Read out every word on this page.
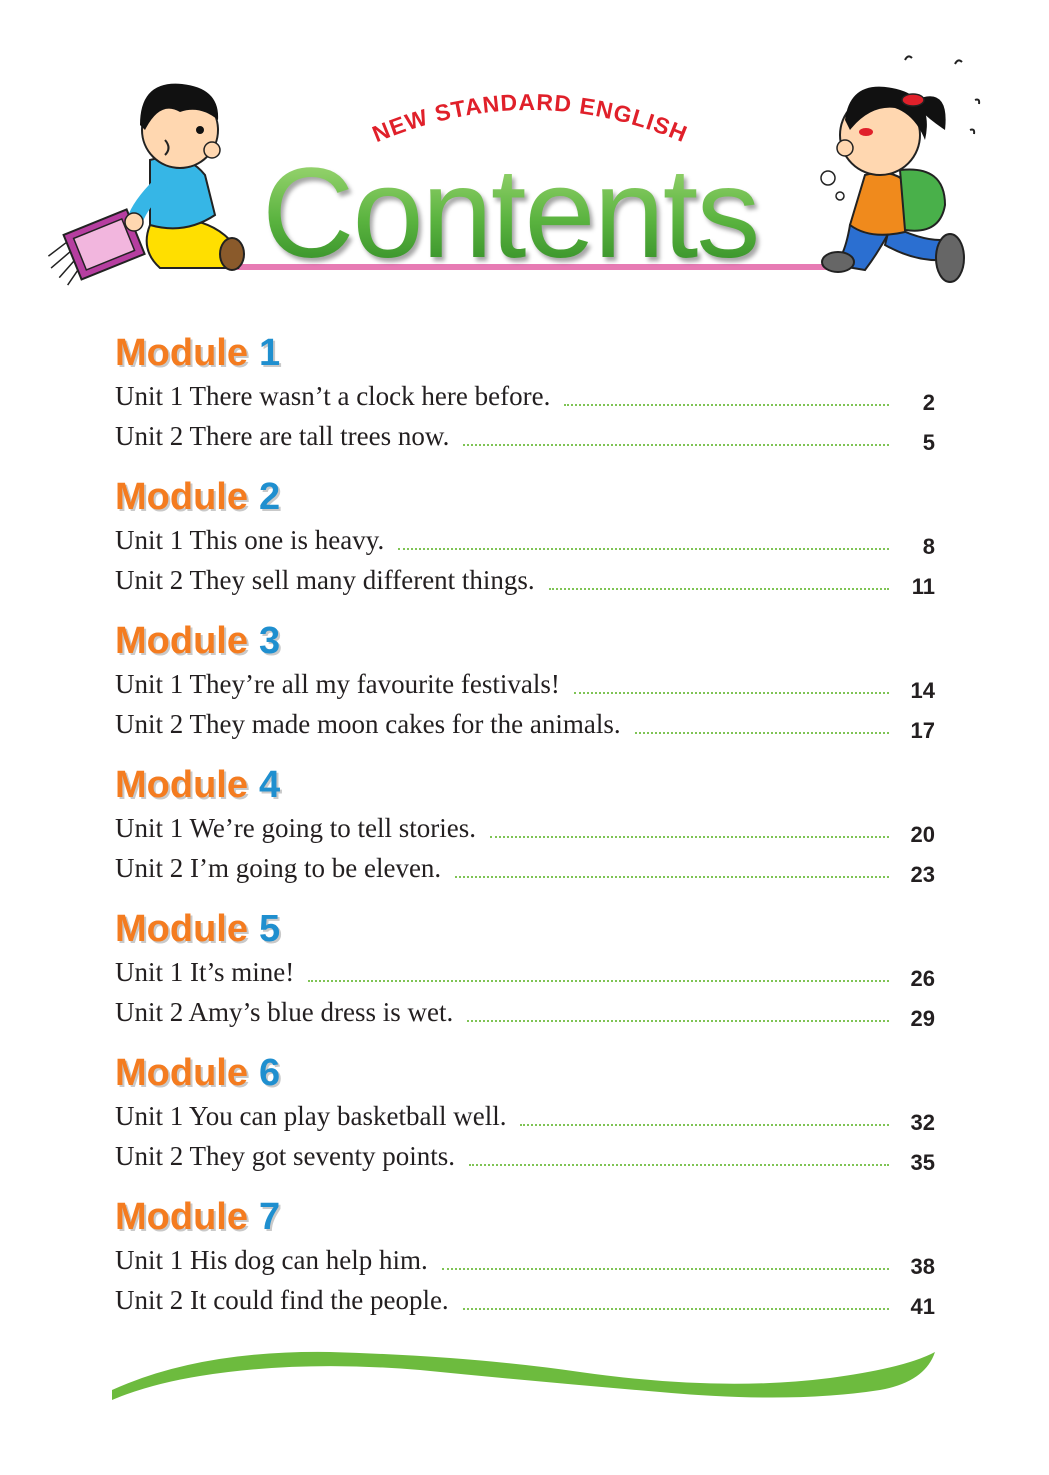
NEW STANDARD ENGLISH
Contents
Module 1
Unit 1 There wasn’t a clock here before.	2
Unit 2 There are tall trees now.	5
Module 2
Unit 1 This one is heavy.	8
Unit 2 They sell many different things.	11
Module 3
Unit 1 They’re all my favourite festivals!	14
Unit 2 They made moon cakes for the animals.	17
Module 4
Unit 1 We’re going to tell stories.	20
Unit 2 I’m going to be eleven.	23
Module 5
Unit 1 It’s mine!	26
Unit 2 Amy’s blue dress is wet.	29
Module 6
Unit 1 You can play basketball well.	32
Unit 2 They got seventy points.	35
Module 7
Unit 1 His dog can help him.	38
Unit 2 It could find the people.	41
